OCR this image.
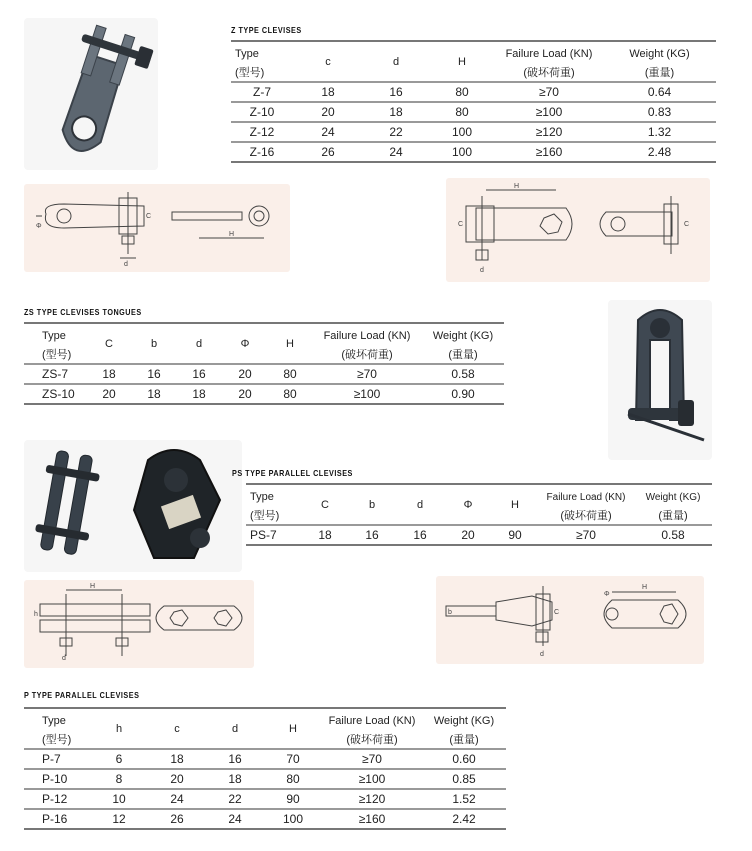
Z TYPE CLEVISES
Type	c	d	H	Failure Load (KN)	Weight (KG)
(型号)				(破坏荷重)	(重量)
Z-7	18	16	80	≥70	0.64
Z-10	20	18	80	≥100	0.83
Z-12	24	22	100	≥120	1.32
Z-16	26	24	100	≥160	2.48
Φ
C
d
H
H
C
d
C
ZS TYPE CLEVISES TONGUES
Type	C	b	d	Φ	H	Failure Load (KN)	Weight (KG)
(型号)						(破坏荷重)	(重量)
ZS-7	18	16	16	20	80	≥70	0.58
ZS-10	20	18	18	20	80	≥100	0.90
PS TYPE PARALLEL CLEVISES
Type	C	b	d	Φ	H	Failure Load (KN)	Weight (KG)
(型号)						(破坏荷重)	(重量)
PS-7	18	16	16	20	90	≥70	0.58
H
h
d
b	C
d
H
Φ
P TYPE PARALLEL CLEVISES
Type	h	c	d	H	Failure Load (KN)	Weight (KG)
(型号)					(破坏荷重)	(重量)
P-7	6	18	16	70	≥70	0.60
P-10	8	20	18	80	≥100	0.85
P-12	10	24	22	90	≥120	1.52
P-16	12	26	24	100	≥160	2.42
